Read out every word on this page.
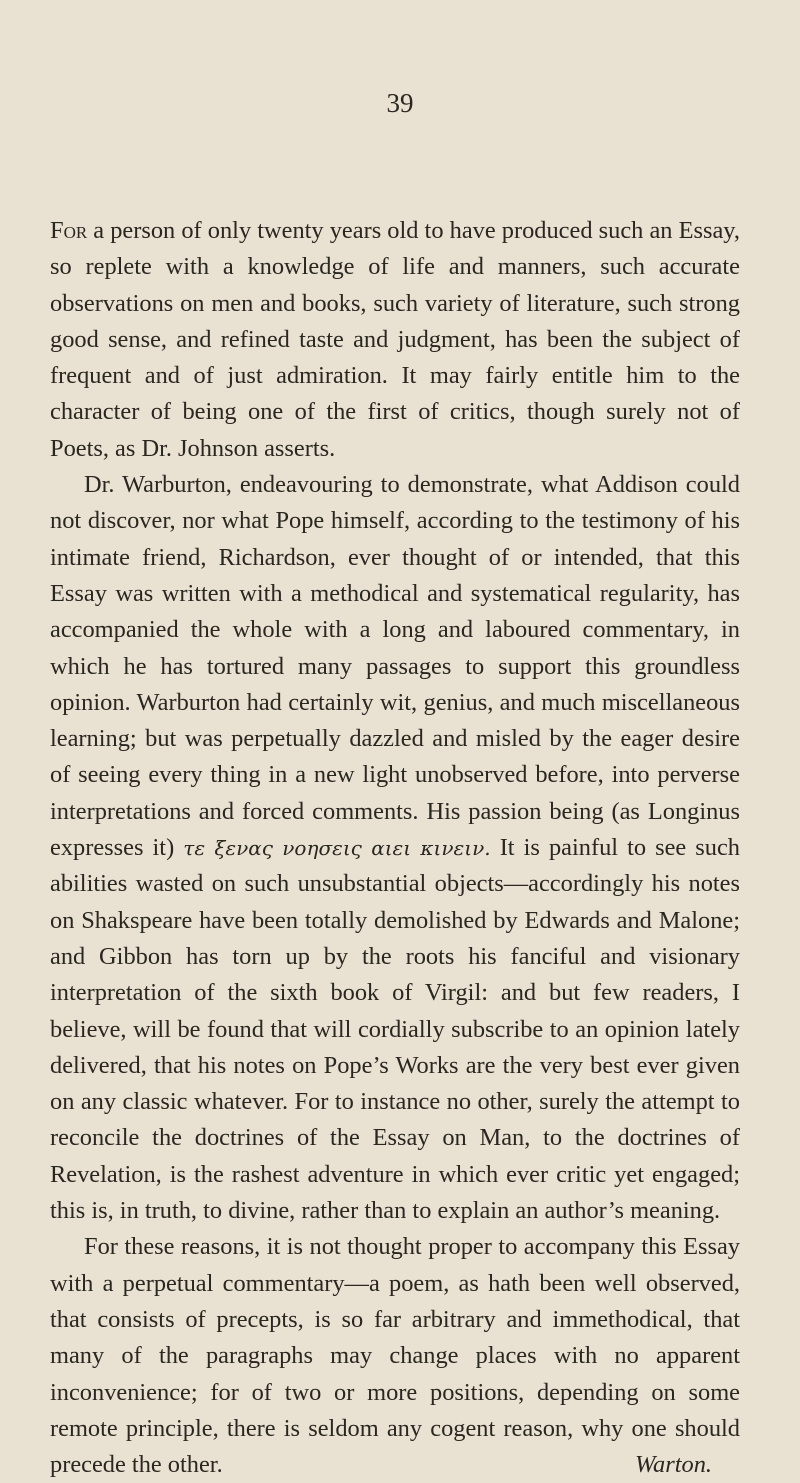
39

For a person of only twenty years old to have produced such an Essay, so replete with a knowledge of life and manners, such accurate observations on men and books, such variety of literature, such strong good sense, and refined taste and judgment, has been the subject of frequent and of just admiration. It may fairly entitle him to the character of being one of the first of critics, though surely not of Poets, as Dr. Johnson asserts.

Dr. Warburton, endeavouring to demonstrate, what Addison could not discover, nor what Pope himself, according to the testimony of his intimate friend, Richardson, ever thought of or intended, that this Essay was written with a methodical and systematical regularity, has accompanied the whole with a long and laboured commentary, in which he has tortured many passages to support this groundless opinion. Warburton had certainly wit, genius, and much miscellaneous learning; but was perpetually dazzled and misled by the eager desire of seeing every thing in a new light unobserved before, into perverse interpretations and forced comments. His passion being (as Longinus expresses it) τε ξενας νοησεις αιει κινειν. It is painful to see such abilities wasted on such unsubstantial objects—accordingly his notes on Shakspeare have been totally demolished by Edwards and Malone; and Gibbon has torn up by the roots his fanciful and visionary interpretation of the sixth book of Virgil: and but few readers, I believe, will be found that will cordially subscribe to an opinion lately delivered, that his notes on Pope’s Works are the very best ever given on any classic whatever. For to instance no other, surely the attempt to reconcile the doctrines of the Essay on Man, to the doctrines of Revelation, is the rashest adventure in which ever critic yet engaged; this is, in truth, to divine, rather than to explain an author’s meaning.

For these reasons, it is not thought proper to accompany this Essay with a perpetual commentary—a poem, as hath been well observed, that consists of precepts, is so far arbitrary and immethodical, that many of the paragraphs may change places with no apparent inconvenience; for of two or more positions, depending on some remote principle, there is seldom any cogent reason, why one should precede the other.	Warton.
